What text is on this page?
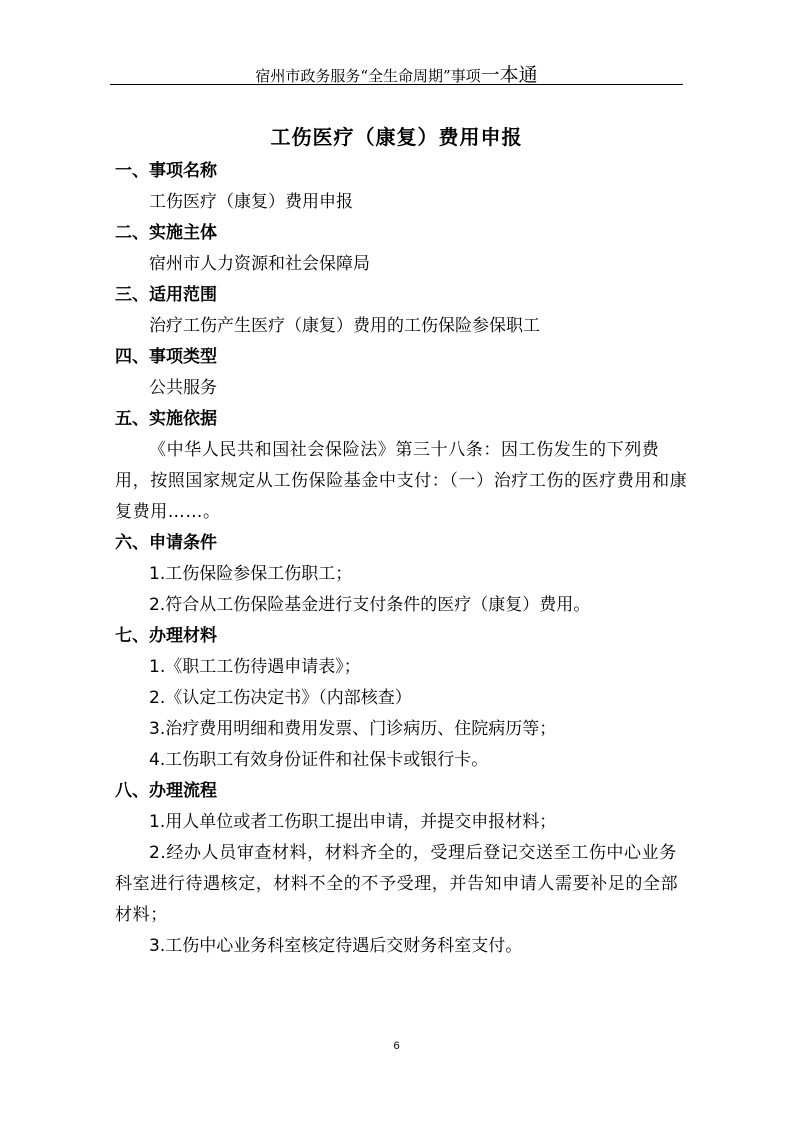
宿州市政务服务“全生命周期”事项一本通
工伤医疗（康复）费用申报

一、事项名称

工伤医疗（康复）费用申报

二、实施主体

宿州市人力资源和社会保障局

三、适用范围

治疗工伤产生医疗（康复）费用的工伤保险参保职工

四、事项类型

公共服务

五、实施依据

《中华人民共和国社会保险法》第三十八条：因工伤发生的下列费用，按照国家规定从工伤保险基金中支付：（一）治疗工伤的医疗费用和康复费用……。

六、申请条件

1.工伤保险参保工伤职工；

2.符合从工伤保险基金进行支付条件的医疗（康复）费用。

七、办理材料

1.《职工工伤待遇申请表》；

2.《认定工伤决定书》（内部核查）

3.治疗费用明细和费用发票、门诊病历、住院病历等；

4.工伤职工有效身份证件和社保卡或银行卡。

八、办理流程

1.用人单位或者工伤职工提出申请，并提交申报材料；

2.经办人员审查材料，材料齐全的，受理后登记交送至工伤中心业务科室进行待遇核定，材料不全的不予受理，并告知申请人需要补足的全部材料；

3.工伤中心业务科室核定待遇后交财务科室支付。

6
